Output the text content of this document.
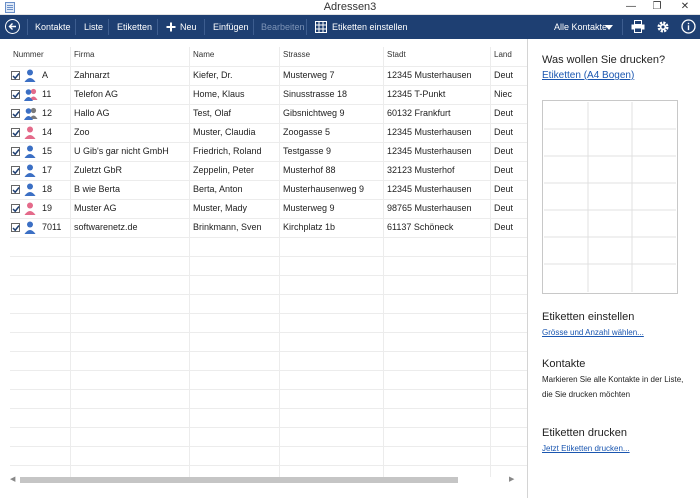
Adressen3	—	❐	✕
Kontakte Liste Etiketten	Neu Einfügen Bearbeiten	Etiketten einstellen	Alle Kontakte
Nummer	Firma	Name	Strasse	Stadt	Land
A	Zahnarzt	Kiefer, Dr.	Musterweg 7	12345 Musterhausen	Deut
11	Telefon AG	Home, Klaus	Sinusstrasse 18	12345 T-Punkt	Niec
12	Hallo AG	Test, Olaf	Gibsnichtweg 9	60132 Frankfurt	Deut
14	Zoo	Muster, Claudia	Zoogasse 5	12345 Musterhausen	Deut
15	U Gib's gar nicht GmbH	Friedrich, Roland	Testgasse 9	12345 Musterhausen	Deut
17	Zuletzt GbR	Zeppelin, Peter	Musterhof 88	32123 Musterhof	Deut
18	B wie Berta	Berta, Anton	Musterhausenweg 9	12345 Musterhausen	Deut
19	Muster AG	Muster, Mady	Musterweg 9	98765 Musterhausen	Deut
7011	softwarenetz.de	Brinkmann, Sven	Kirchplatz 1b	61137 Schöneck	Deut
◀	▶
Was wollen Sie drucken?
Etiketten (A4 Bogen)
Etiketten einstellen
Grösse und Anzahl wählen...
Kontakte
Markieren Sie alle Kontakte in der Liste,
die Sie drucken möchten
Etiketten drucken
Jetzt Etiketten drucken...
